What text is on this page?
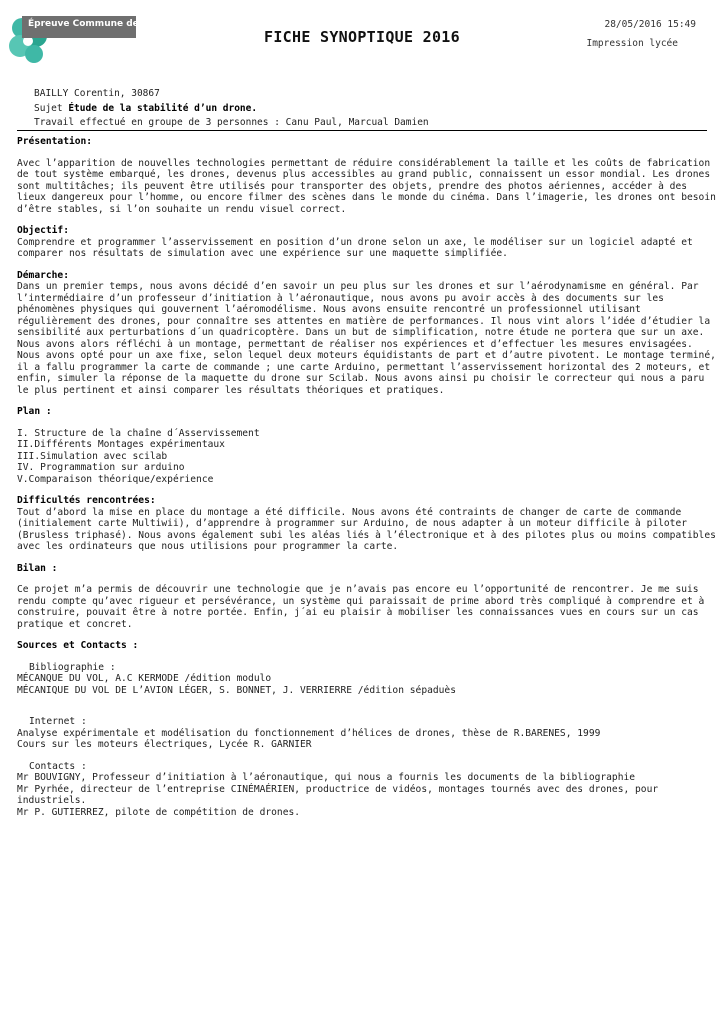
Épreuve Commune de TIPE
FICHE SYNOPTIQUE 2016
28/05/2016 15:49
Impression lycée
BAILLY Corentin, 30867
Sujet Étude de la stabilité d’un drone.
Travail effectué en groupe de 3 personnes : Canu Paul, Marcual Damien
Présentation:

Avec l’apparition de nouvelles technologies permettant de réduire considérablement la taille et les coûts de fabrication de tout système embarqué, les drones, devenus plus accessibles au grand public, connaissent un essor mondial. Les drones sont multitâches; ils peuvent être utilisés pour transporter des objets, prendre des photos aériennes, accéder à des lieux dangereux pour l’homme, ou encore filmer des scènes dans le monde du cinéma. Dans l’imagerie, les drones ont besoin d’être stables, si l’on souhaite un rendu visuel correct.

Objectif:

Comprendre et programmer l’asservissement en position d’un drone selon un axe, le modéliser sur un logiciel adapté et comparer nos résultats de simulation avec une expérience sur une maquette simplifiée.

Démarche:

Dans un premier temps, nous avons décidé d’en savoir un peu plus sur les drones et sur l’aérodynamisme en général. Par l’intermédiaire d’un professeur d’initiation à l’aéronautique, nous avons pu avoir accès à des documents sur les phénomènes physiques qui gouvernent l’aéromodélisme. Nous avons ensuite rencontré un professionnel utilisant régulièrement des drones, pour connaître ses attentes en matière de performances. Il nous vint alors l’idée d’étudier la sensibilité aux perturbations d´un quadricoptère. Dans un but de simplification, notre étude ne portera que sur un axe. Nous avons alors réfléchi à un montage, permettant de réaliser nos expériences et d’effectuer les mesures envisagées. Nous avons opté pour un axe fixe, selon lequel deux moteurs équidistants de part et d’autre pivotent. Le montage terminé, il a fallu programmer la carte de commande ; une carte Arduino, permettant l’asservissement horizontal des 2 moteurs, et enfin, simuler la réponse de la maquette du drone sur Scilab. Nous avons ainsi pu choisir le correcteur qui nous a paru le plus pertinent et ainsi comparer les résultats théoriques et pratiques.

Plan :
I. Structure de la chaîne d´Asservissement
II.Différents Montages expérimentaux
III.Simulation avec scilab
IV. Programmation sur arduino
V.Comparaison théorique/expérience
Difficultés rencontrées:

Tout d’abord la mise en place du montage a été difficile. Nous avons été contraints de changer de carte de commande (initialement carte Multiwii), d’apprendre à programmer sur Arduino, de nous adapter à un moteur difficile à piloter (Brusless triphasé). Nous avons également subi les aléas liés à l’électronique et à des pilotes plus ou moins compatibles avec les ordinateurs que nous utilisions pour programmer la carte.

Bilan :

Ce projet m’a permis de découvrir une technologie que je n’avais pas encore eu l’opportunité de rencontrer. Je me suis rendu compte qu’avec rigueur et persévérance, un système qui paraissait de prime abord très compliqué à comprendre et à construire, pouvait être à notre portée. Enfin, j´ai eu plaisir à mobiliser les connaissances vues en cours sur un cas pratique et concret.

Sources et Contacts :
Bibliographie :
MÉCANQUE DU VOL, A.C KERMODE /édition modulo
MÉCANIQUE DU VOL DE L’AVION LÉGER, S. BONNET, J. VERRIERRE /édition sépaduès
Internet :
Analyse expérimentale et modélisation du fonctionnement d’hélices de drones, thèse de R.BARENES, 1999
Cours sur les moteurs électriques, Lycée R. GARNIER
Contacts :
Mr BOUVIGNY, Professeur d’initiation à l’aéronautique, qui nous a fournis les documents de la bibliographie
Mr Pyrhée, directeur de l’entreprise CINÉMAÉRIEN, productrice de vidéos, montages tournés avec des drones, pour industriels.
Mr P. GUTIERREZ, pilote de compétition de drones.
